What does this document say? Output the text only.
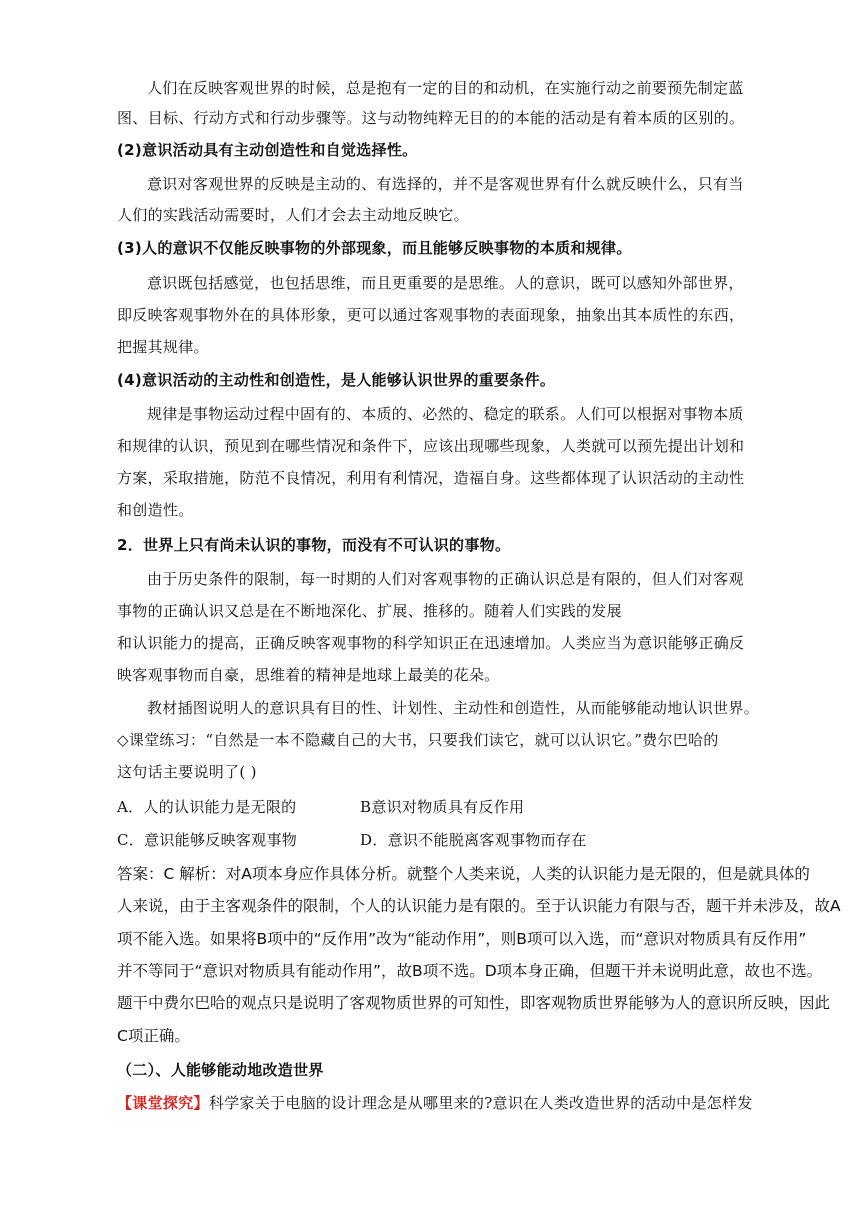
人们在反映客观世界的时候，总是抱有一定的目的和动机，在实施行动之前要预先制定蓝
图、目标、行动方式和行动步骤等。这与动物纯粹无目的的本能的活动是有着本质的区别的。
(2)意识活动具有主动创造性和自觉选择性。
意识对客观世界的反映是主动的、有选择的，并不是客观世界有什么就反映什么，只有当
人们的实践活动需要时，人们才会去主动地反映它。
(3)人的意识不仅能反映事物的外部现象，而且能够反映事物的本质和规律。
意识既包括感觉，也包括思维，而且更重要的是思维。人的意识，既可以感知外部世界，
即反映客观事物外在的具体形象，更可以通过客观事物的表面现象，抽象出其本质性的东西，
把握其规律。
(4)意识活动的主动性和创造性，是人能够认识世界的重要条件。
规律是事物运动过程中固有的、本质的、必然的、稳定的联系。人们可以根据对事物本质
和规律的认识，预见到在哪些情况和条件下，应该出现哪些现象，人类就可以预先提出计划和
方案，采取措施，防范不良情况，利用有利情况，造福自身。这些都体现了认识活动的主动性
和创造性。
2．世界上只有尚未认识的事物，而没有不可认识的事物。
由于历史条件的限制，每一时期的人们对客观事物的正确认识总是有限的，但人们对客观
事物的正确认识又总是在不断地深化、扩展、推移的。随着人们实践的发展
和认识能力的提高，正确反映客观事物的科学知识正在迅速增加。人类应当为意识能够正确反
映客观事物而自豪，思维着的精神是地球上最美的花朵。
教材插图说明人的意识具有目的性、计划性、主动性和创造性，从而能够能动地认识世界。
◇课堂练习：“自然是一本不隐藏自己的大书，只要我们读它，就可以认识它。”费尔巴哈的
这句话主要说明了( )
A．人的认识能力是无限的	B意识对物质具有反作用
C．意识能够反映客观事物	D．意识不能脱离客观事物而存在
答案：C 解析：对A项本身应作具体分析。就整个人类来说，人类的认识能力是无限的，但是就具体的
人来说，由于主客观条件的限制，个人的认识能力是有限的。至于认识能力有限与否，题干并未涉及，故A
项不能入选。如果将B项中的“反作用”改为“能动作用”，则B项可以入选，而“意识对物质具有反作用”
并不等同于“意识对物质具有能动作用”，故B项不选。D项本身正确，但题干并未说明此意，故也不选。
题干中费尔巴哈的观点只是说明了客观物质世界的可知性，即客观物质世界能够为人的意识所反映，因此
C项正确。
（二）、人能够能动地改造世界
【课堂探究】科学家关于电脑的设计理念是从哪里来的?意识在人类改造世界的活动中是怎样发
